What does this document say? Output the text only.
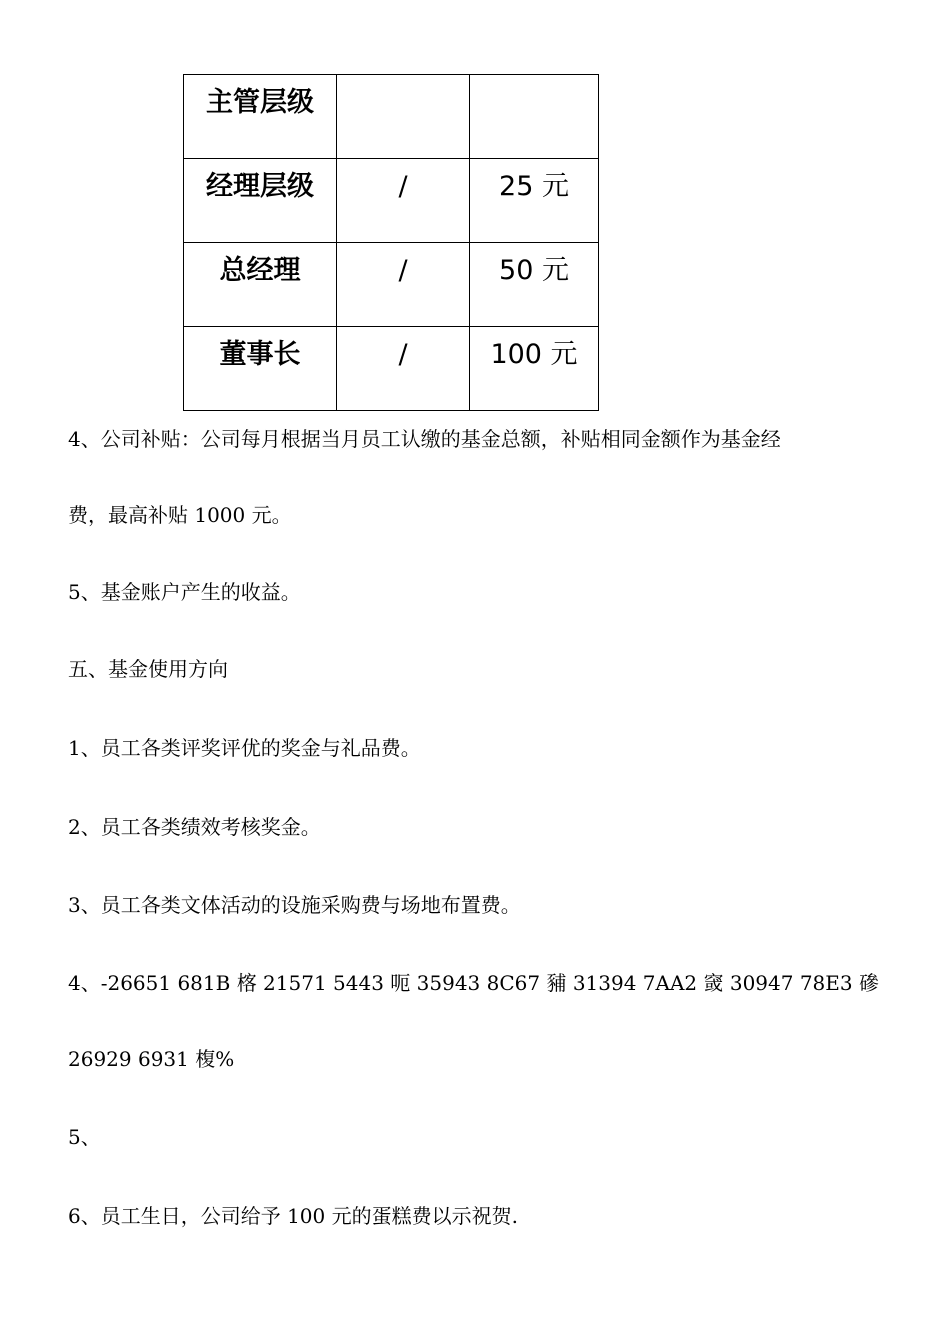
主管层级		

经理层级	/	25 元

总经理	/	50 元

董事长	/	100 元

4、公司补贴：公司每月根据当月员工认缴的基金总额，补贴相同金额作为基金经

费，最高补贴 1000 元。

5、基金账户产生的收益。

五、基金使用方向

1、员工各类评奖评优的奖金与礼品费。

2、员工各类绩效考核奖金。

3、员工各类文体活动的设施采购费与场地布置费。

4、-26651 681B 楁 21571 5443 呃 35943 8C67 豧 31394 7AA2 窢 30947 78E3 磣

26929 6931 椱%

5、

6、员工生日，公司给予 100 元的蛋糕费以示祝贺.
